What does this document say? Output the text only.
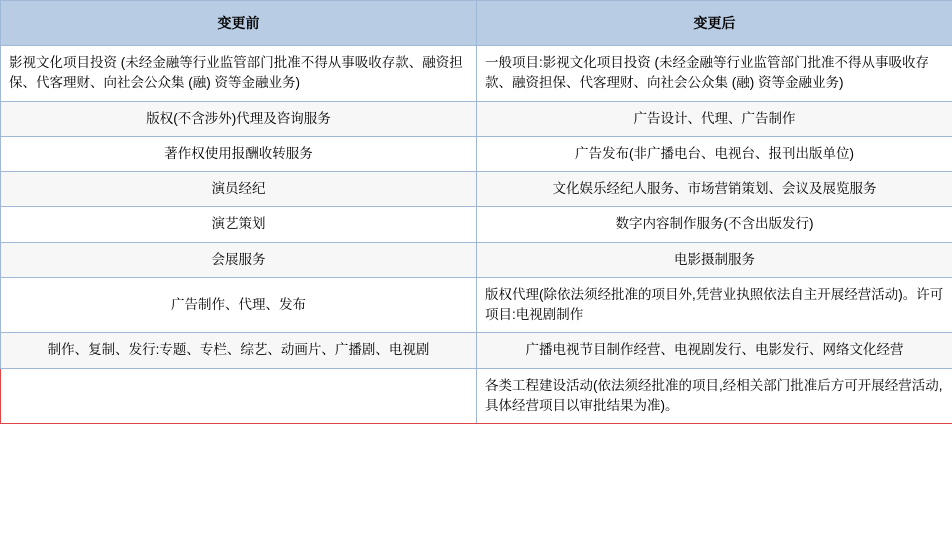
变更前	变更后
影视文化项目投资 (未经金融等行业监管部门批准不得从事吸收存款、融资担保、代客理财、向社会公众集 (融) 资等金融业务)	一般项目:影视文化项目投资 (未经金融等行业监管部门批准不得从事吸收存款、融资担保、代客理财、向社会公众集 (融) 资等金融业务)
版权(不含涉外)代理及咨询服务	广告设计、代理、广告制作
著作权使用报酬收转服务	广告发布(非广播电台、电视台、报刊出版单位)
演员经纪	文化娱乐经纪人服务、市场营销策划、会议及展览服务
演艺策划	数字内容制作服务(不含出版发行)
会展服务	电影摄制服务
广告制作、代理、发布	版权代理(除依法须经批准的项目外,凭营业执照依法自主开展经营活动)。许可项目:电视剧制作
制作、复制、发行:专题、专栏、综艺、动画片、广播剧、电视剧	广播电视节目制作经营、电视剧发行、电影发行、网络文化经营
	各类工程建设活动(依法须经批准的项目,经相关部门批准后方可开展经营活动,具体经营项目以审批结果为准)。
